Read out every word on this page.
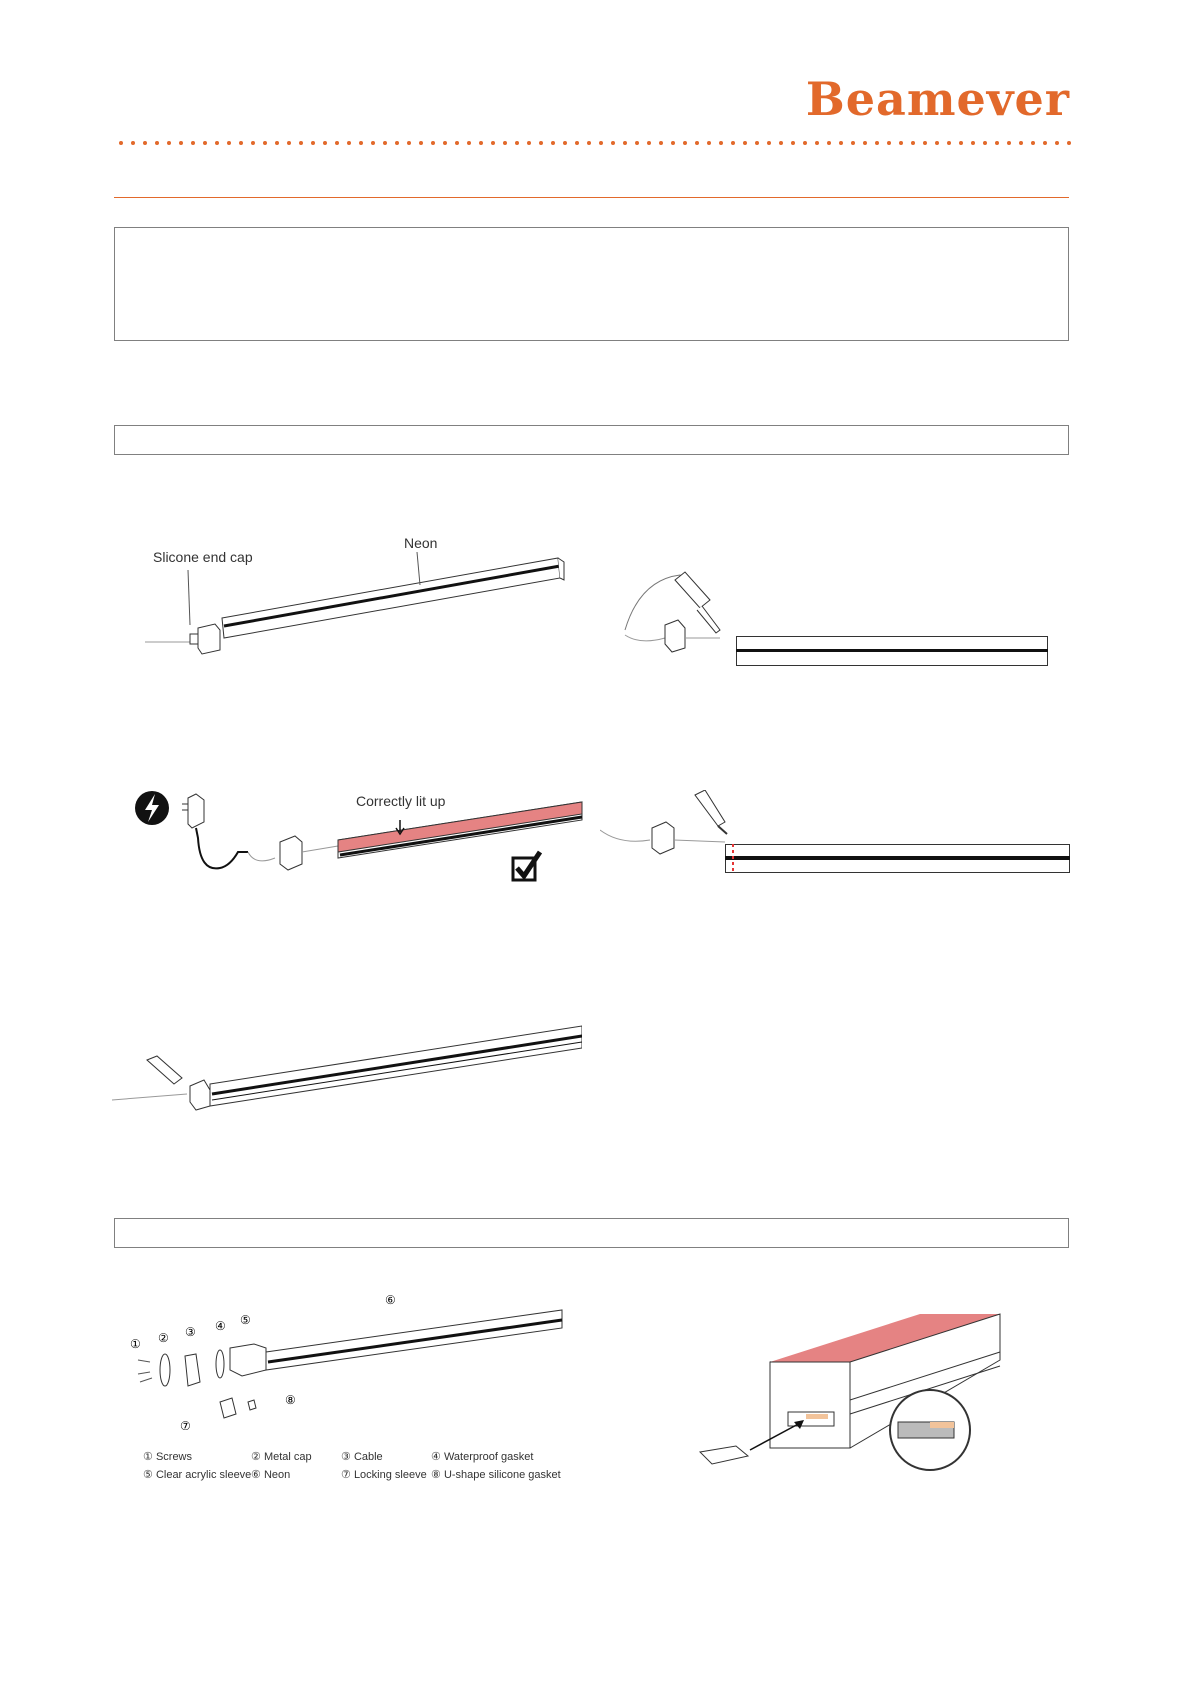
Beamever
Slicone end cap
Neon
Correctly lit up
① ② ③ ④ ⑤
⑥
⑦
⑧
① Screws	② Metal cap	③ Cable	④ Waterproof gasket
⑤ Clear acrylic sleeve ⑥ Neon	⑦ Locking sleeve ⑧ U-shape silicone gasket
